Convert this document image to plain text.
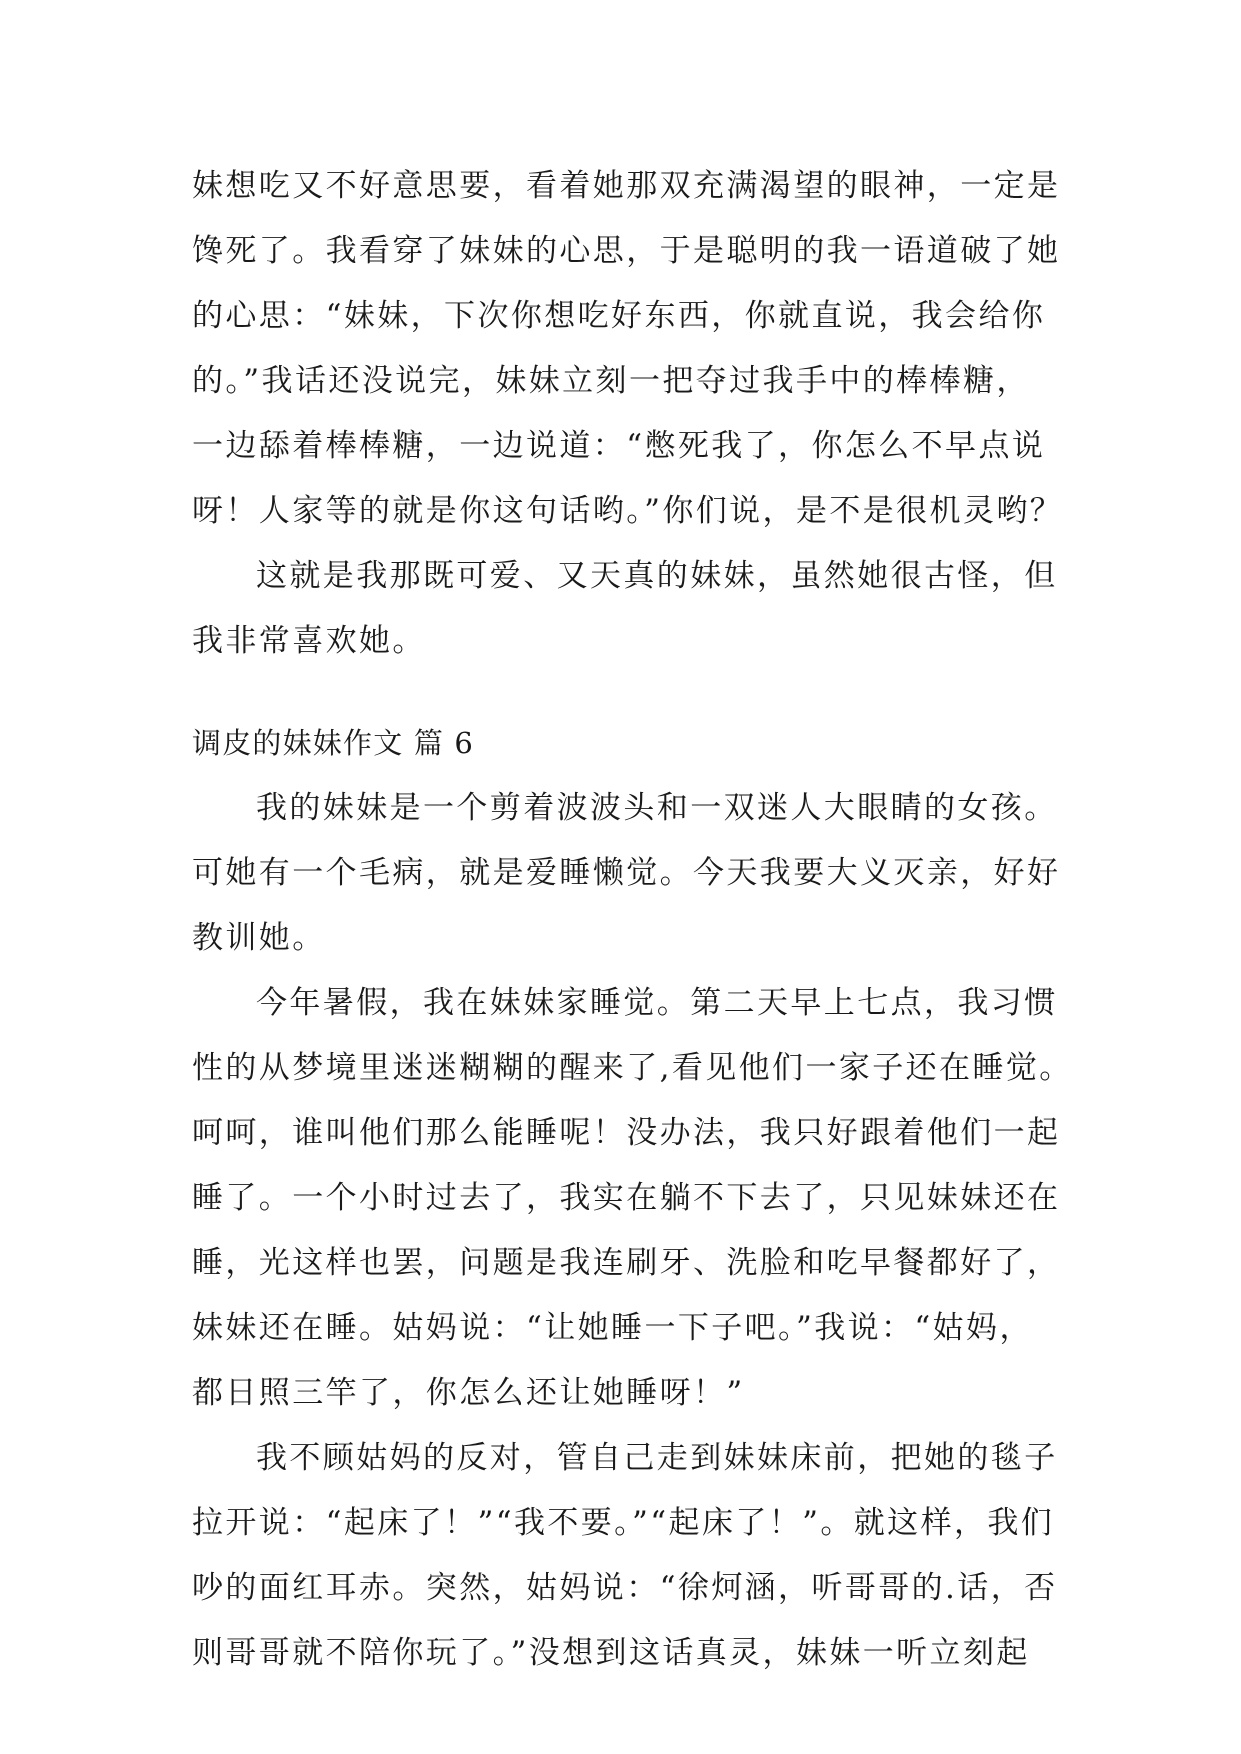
妹想吃又不好意思要，看着她那双充满渴望的眼神，一定是
馋死了。我看穿了妹妹的心思，于是聪明的我一语道破了她
的心思：“妹妹，下次你想吃好东西，你就直说，我会给你
的。”我话还没说完，妹妹立刻一把夺过我手中的棒棒糖，
一边舔着棒棒糖，一边说道：“憋死我了，你怎么不早点说
呀！人家等的就是你这句话哟。”你们说，是不是很机灵哟？
这就是我那既可爱、又天真的妹妹，虽然她很古怪，但
我非常喜欢她。
调皮的妹妹作文 篇 6
我的妹妹是一个剪着波波头和一双迷人大眼睛的女孩。
可她有一个毛病，就是爱睡懒觉。今天我要大义灭亲，好好
教训她。
今年暑假，我在妹妹家睡觉。第二天早上七点，我习惯
性的从梦境里迷迷糊糊的醒来了,看见他们一家子还在睡觉。
呵呵，谁叫他们那么能睡呢！没办法，我只好跟着他们一起
睡了。一个小时过去了，我实在躺不下去了，只见妹妹还在
睡，光这样也罢，问题是我连刷牙、洗脸和吃早餐都好了，
妹妹还在睡。姑妈说：“让她睡一下子吧。”我说：“姑妈，
都日照三竿了，你怎么还让她睡呀！”
我不顾姑妈的反对，管自己走到妹妹床前，把她的毯子
拉开说：“起床了！”“我不要。”“起床了！”。就这样，我们
吵的面红耳赤。突然，姑妈说：“徐炣涵，听哥哥的.话，否
则哥哥就不陪你玩了。”没想到这话真灵，妹妹一听立刻起
